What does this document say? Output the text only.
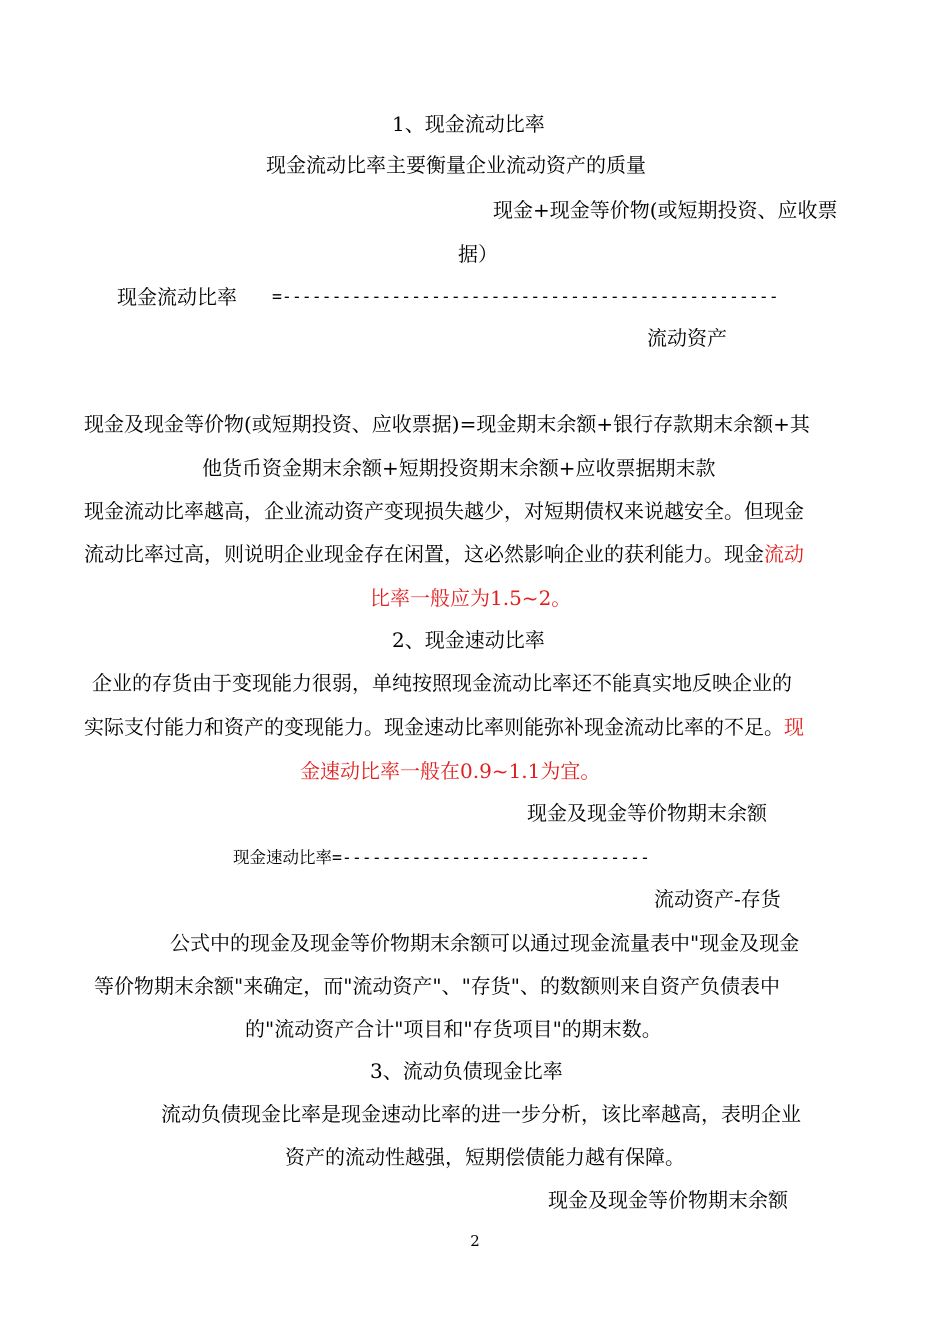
1、现金流动比率
现金流动比率主要衡量企业流动资产的质量
现金+现金等价物(或短期投资、应收票
据）
现金流动比率 =--------------------------------------------------
流动资产
现金及现金等价物(或短期投资、应收票据)=现金期末余额+银行存款期末余额+其
他货币资金期末余额+短期投资期末余额+应收票据期末款
现金流动比率越高，企业流动资产变现损失越少，对短期债权来说越安全。但现金
流动比率过高，则说明企业现金存在闲置，这必然影响企业的获利能力。现金流动
比率一般应为1.5~2。
2、现金速动比率
企业的存货由于变现能力很弱，单纯按照现金流动比率还不能真实地反映企业的
实际支付能力和资产的变现能力。现金速动比率则能弥补现金流动比率的不足。现
金速动比率一般在0.9~1.1为宜。
现金及现金等价物期末余额
现金速动比率=-------------------------------
流动资产-存货
公式中的现金及现金等价物期末余额可以通过现金流量表中"现金及现金
等价物期末余额"来确定，而"流动资产"、"存货"、的数额则来自资产负债表中
的"流动资产合计"项目和"存货项目"的期末数。
3、流动负债现金比率
流动负债现金比率是现金速动比率的进一步分析，该比率越高，表明企业
资产的流动性越强，短期偿债能力越有保障。
现金及现金等价物期末余额
2
